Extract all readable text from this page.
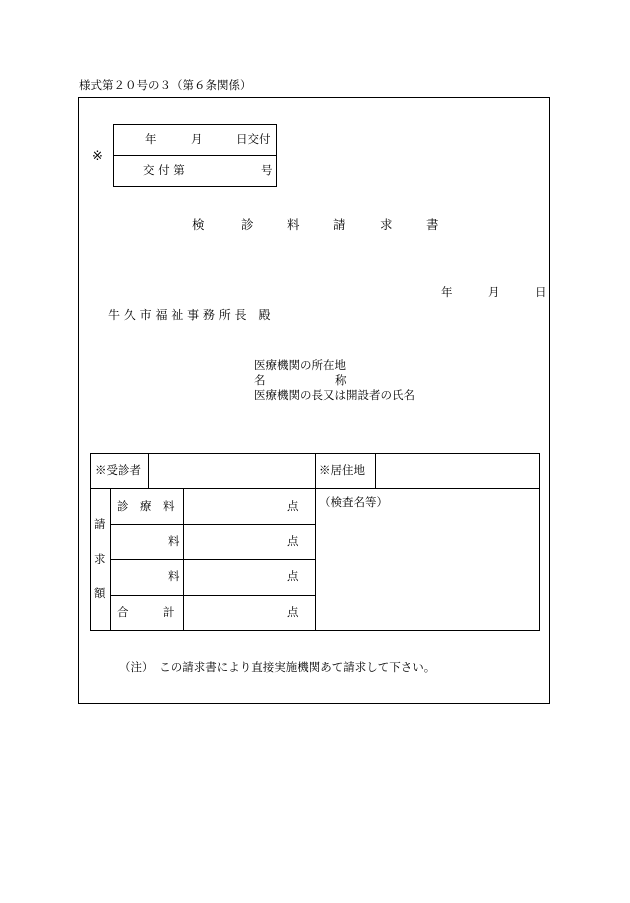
様式第２０号の３（第６条関係）
※
年	月	日交付
交 付 第	号
検	診	料	請	求	書
年	月	日
牛 久 市 福 祉 事 務 所 長　殿
医療機関の所在地
名	称
医療機関の長又は開設者の氏名
※受診者	※居住地
請
求
額
診　療　料	点
料	点
料	点
合　　　計	点
（検査名等）
（注）　この請求書により直接実施機関あて請求して下さい。
